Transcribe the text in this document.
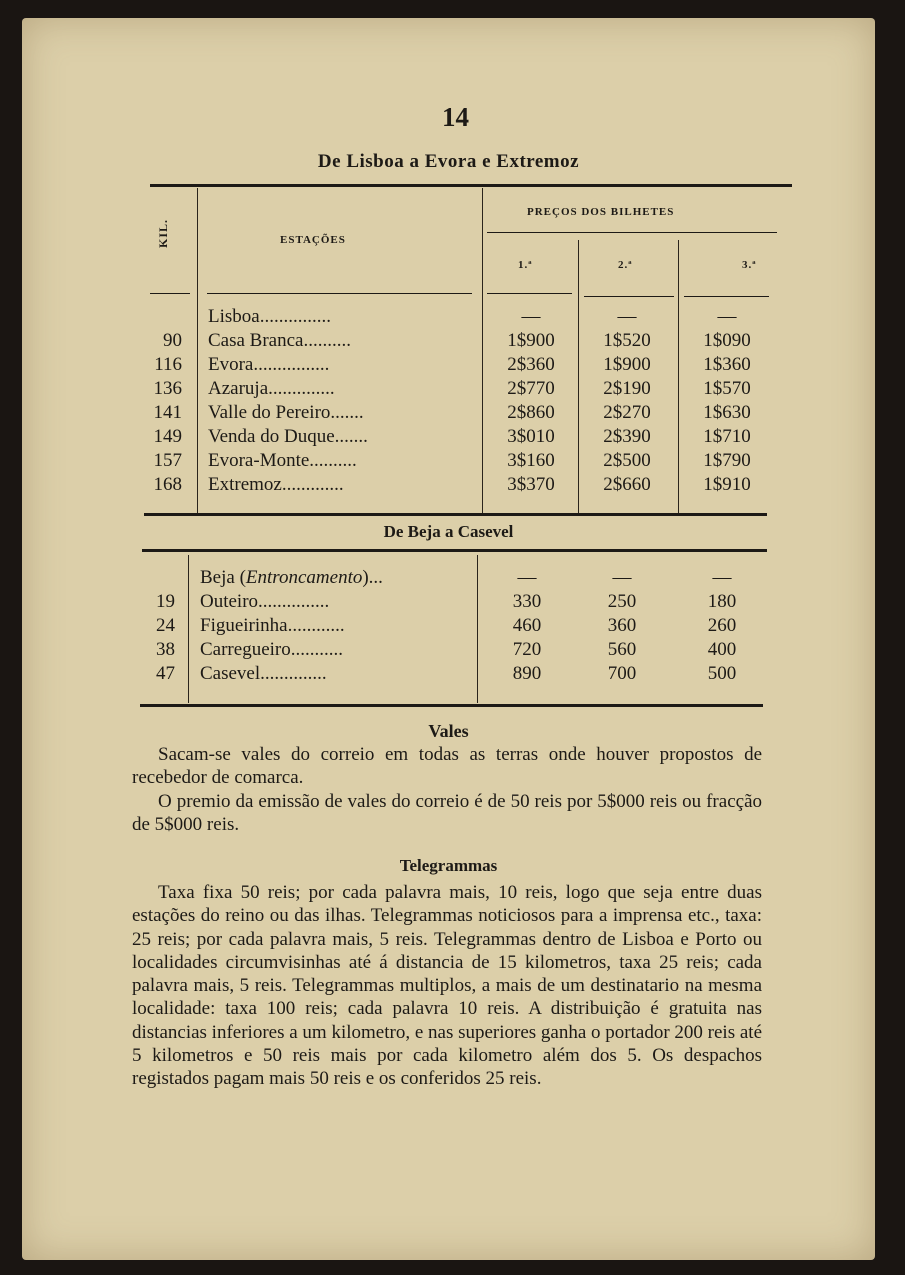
14
De Lisboa a Evora e Extremoz
KIL.	ESTAÇÕES
PREÇOS DOS BILHETES
1.ª	2.ª	3.ª
Lisboa...............	—	—	—
90 Casa Branca..........	1$900	1$520	1$090
116 Evora................	2$360	1$900	1$360
136 Azaruja..............	2$770	2$190	1$570
141 Valle do Pereiro.......	2$860	2$270	1$630
149 Venda do Duque.......	3$010	2$390	1$710
157 Evora-Monte..........	3$160	2$500	1$790
168 Extremoz.............	3$370	2$660	1$910
De Beja a Casevel
Beja (Entroncamento)...	—	—	—
19 Outeiro...............	330	250	180
24 Figueirinha............	460	360	260
38 Carregueiro...........	720	560	400
47 Casevel..............	890	700	500
Vales
Sacam-se vales do correio em todas as terras onde houver propostos de recebedor de comarca.
O premio da emissão de vales do correio é de 50 reis por 5$000 reis ou fracção de 5$000 reis.
Telegrammas
Taxa fixa 50 reis; por cada palavra mais, 10 reis, logo que seja entre duas estações do reino ou das ilhas. Telegrammas noticiosos para a imprensa etc., taxa: 25 reis; por cada palavra mais, 5 reis. Telegrammas dentro de Lisboa e Porto ou localidades circumvisinhas até á distancia de 15 kilometros, taxa 25 reis; cada palavra mais, 5 reis. Telegrammas multiplos, a mais de um destinatario na mesma localidade: taxa 100 reis; cada palavra 10 reis. A distribuição é gratuita nas distancias inferiores a um kilometro, e nas superiores ganha o portador 200 reis até 5 kilometros e 50 reis mais por cada kilometro além dos 5. Os despachos registados pagam mais 50 reis e os conferidos 25 reis.
